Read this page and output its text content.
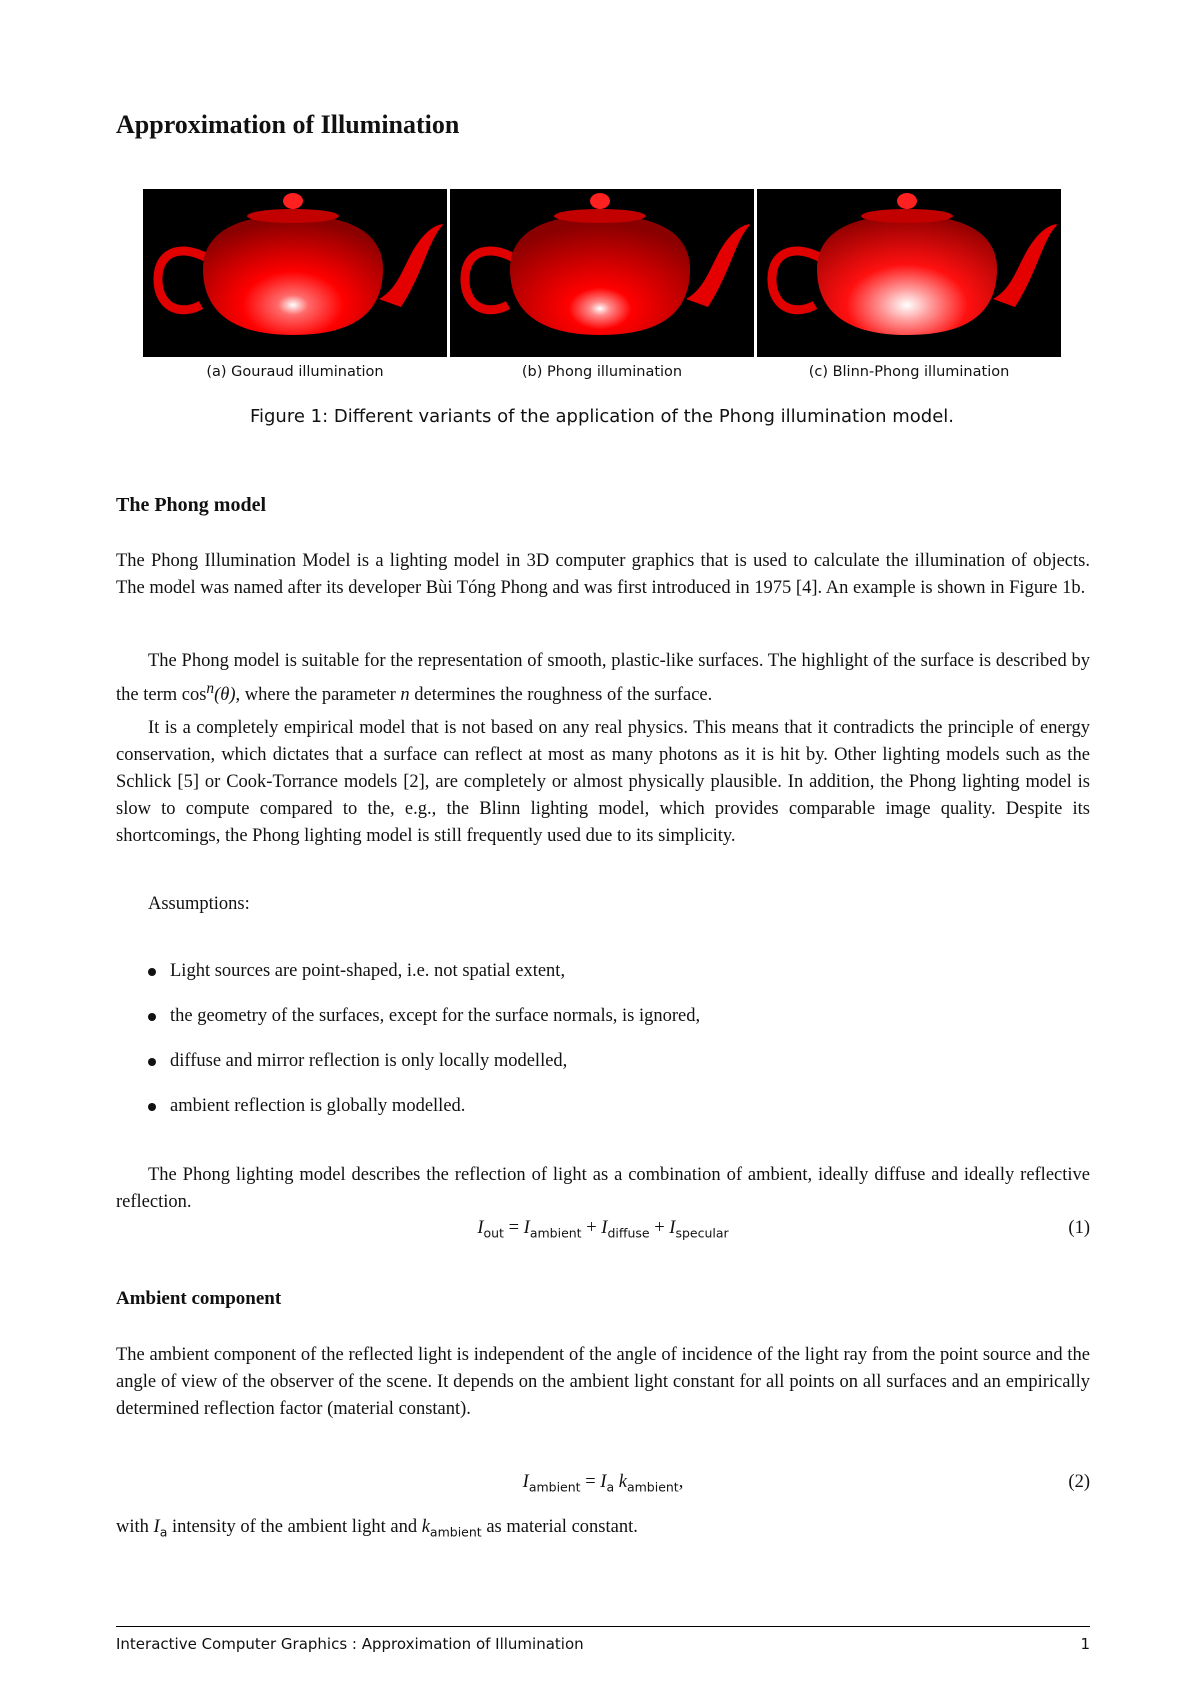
Approximation of Illumination
(a) Gouraud illumination	(b) Phong illumination	(c) Blinn-Phong illumination
Figure 1: Different variants of the application of the Phong illumination model.
The Phong model

The Phong Illumination Model is a lighting model in 3D computer graphics that is used to calculate the illumination of objects. The model was named after its developer Bùi Tóng Phong and was first introduced in 1975 [4]. An example is shown in Figure 1b.

The Phong model is suitable for the representation of smooth, plastic-like surfaces. The highlight of the surface is described by the term $\cos^n(\theta)$, where the parameter n determines the roughness of the surface.

It is a completely empirical model that is not based on any real physics. This means that it contradicts the principle of energy conservation, which dictates that a surface can reflect at most as many photons as it is hit by. Other lighting models such as the Schlick [5] or Cook-Torrance models [2], are completely or almost physically plausible. In addition, the Phong lighting model is slow to compute compared to the, e.g., the Blinn lighting model, which provides comparable image quality. Despite its shortcomings, the Phong lighting model is still frequently used due to its simplicity.

Assumptions:

Light sources are point-shaped, i.e. not spatial extent,
the geometry of the surfaces, except for the surface normals, is ignored,
diffuse and mirror reflection is only locally modelled,
ambient reflection is globally modelled.

The Phong lighting model describes the reflection of light as a combination of ambient, ideally diffuse and ideally reflective reflection.

$I_{out} = I_{ambient} + I_{diffuse} + I_{specular}$	(1)
Ambient component

The ambient component of the reflected light is independent of the angle of incidence of the light ray from the point source and the angle of view of the observer of the scene. It depends on the ambient light constant for all points on all surfaces and an empirically determined reflection factor (material constant).

$I_{ambient} = I_a$ $k_{ambient}$,	(2)

with $I_a$ intensity of the ambient light and $k_{ambient}$ as material constant.

Interactive Computer Graphics : Approximation of Illumination	1
